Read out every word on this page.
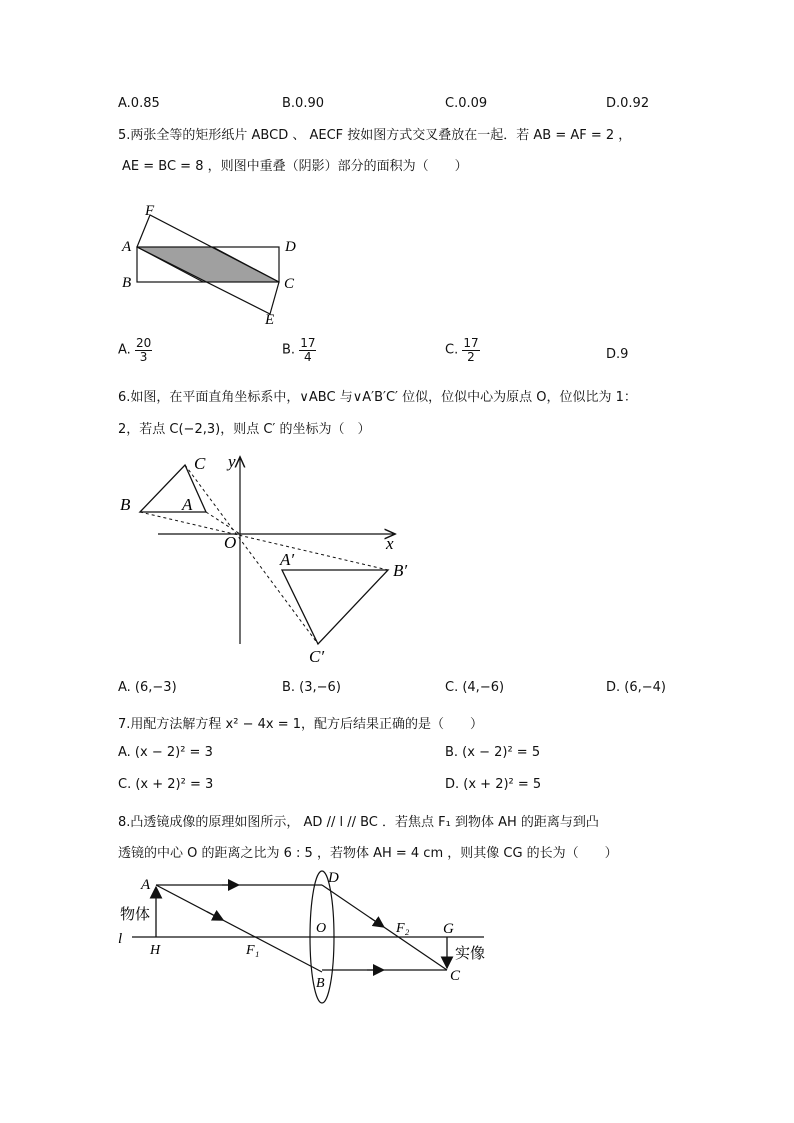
A.0.85	B.0.90	C.0.09	D.0.92
5.两张全等的矩形纸片 ABCD 、 AECF 按如图方式交叉叠放在一起．若 AB = AF = 2 ，
AE = BC = 8 ，则图中重叠（阴影）部分的面积为（　　）
F
A	D
B	C
E
A. $\frac{20}{3}$	B. $\frac{17}{4}$	C. $\frac{17}{2}$	D.9
6.如图，在平面直角坐标系中，∨ABC 与∨A′B′C′ 位似，位似中心为原点 O，位似比为 1：
2，若点 C(−2,3)，则点 C′ 的坐标为（　）
C y
B	A
O	x
A′
B′
C′
A. (6,−3)	B. (3,−6)	C. (4,−6)	D. (6,−4)
7.用配方法解方程 x² − 4x = 1，配方后结果正确的是（　　）
A. (x − 2)² = 3	B. (x − 2)² = 5
C. (x + 2)² = 3	D. (x + 2)² = 5
8.凸透镜成像的原理如图所示， AD // l // BC ．若焦点 F₁ 到物体 AH 的距离与到凸
透镜的中心 O 的距离之比为 6 : 5 ，若物体 AH = 4 cm ，则其像 CG 的长为（　　）
A	D
物体
O	F₂ G
l
H	F₁	实像
B	C
